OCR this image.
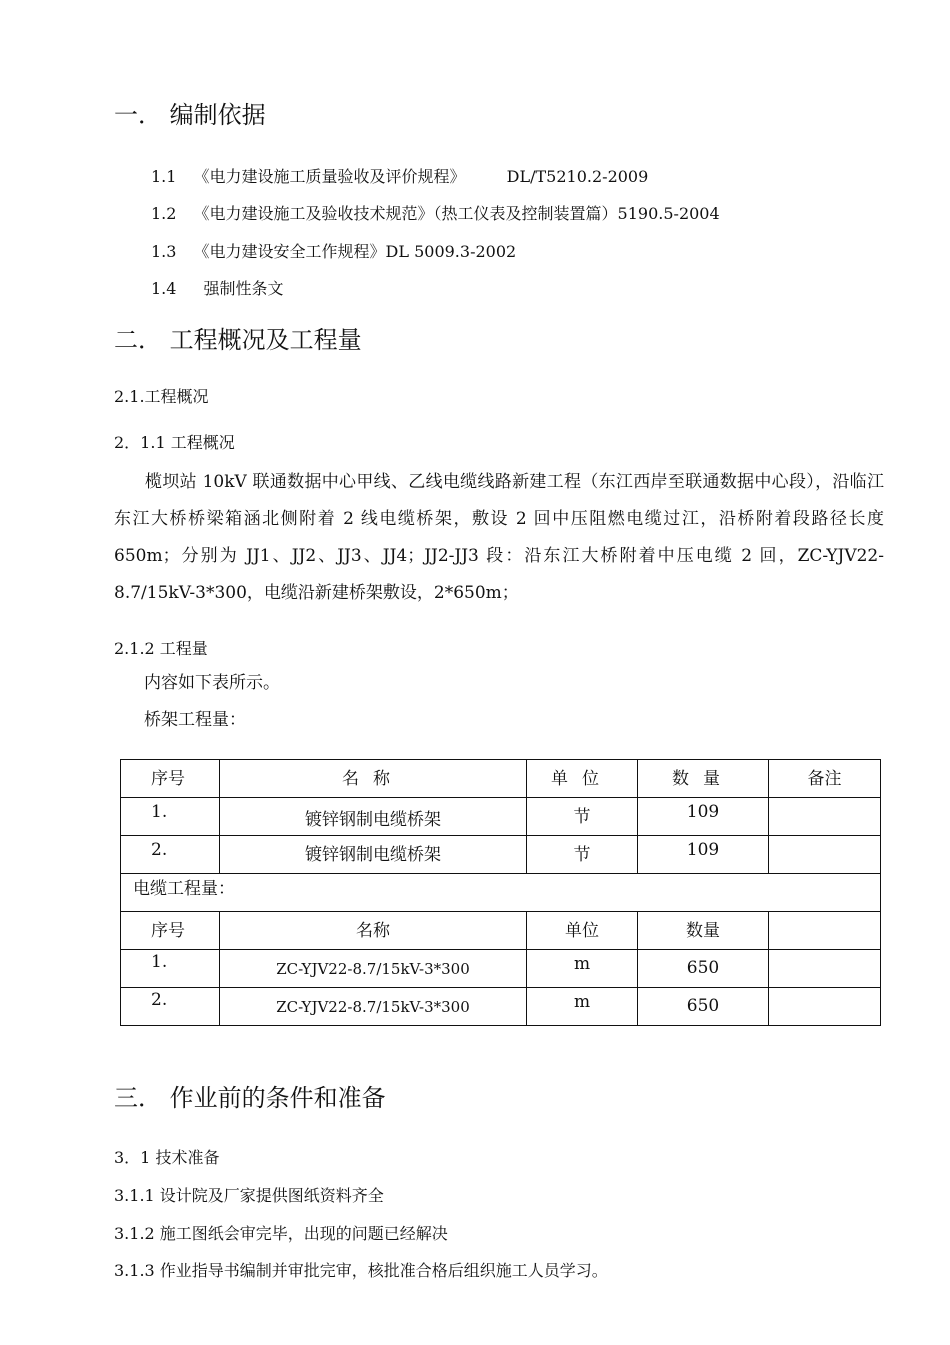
一． 编制依据
1.1 《电力建设施工质量验收及评价规程》	DL/T5210.2-2009
1.2 《电力建设施工及验收技术规范》（热工仪表及控制装置篇）5190.5-2004
1.3 《电力建设安全工作规程》DL 5009.3-2002
1.4 强制性条文
二． 工程概况及工程量
2.1.工程概况
2．1.1 工程概况
榄坝站 10kV 联通数据中心甲线、乙线电缆线路新建工程（东江西岸至联通数据中心段），沿临江东江大桥桥梁箱涵北侧附着 2 线电缆桥架，敷设 2 回中压阻燃电缆过江，沿桥附着段路径长度 650m；分别为 JJ1、JJ2、JJ3、JJ4；JJ2-JJ3 段：沿东江大桥附着中压电缆 2 回，ZC-YJV22-8.7/15kV-3*300，电缆沿新建桥架敷设，2*650m；
2.1.2 工程量
内容如下表所示。
桥架工程量：
序号	名称	单位	数量	备注

1.	镀锌钢制电缆桥架	节	109	

2.	镀锌钢制电缆桥架	节	109	

电缆工程量：				

序号	名称	单位	数量	

1.	ZC-YJV22-8.7/15kV-3*300	m	650	

2.	ZC-YJV22-8.7/15kV-3*300	m	650	

三． 作业前的条件和准备
3．1 技术准备
3.1.1 设计院及厂家提供图纸资料齐全
3.1.2 施工图纸会审完毕，出现的问题已经解决
3.1.3 作业指导书编制并审批完审，核批准合格后组织施工人员学习。
